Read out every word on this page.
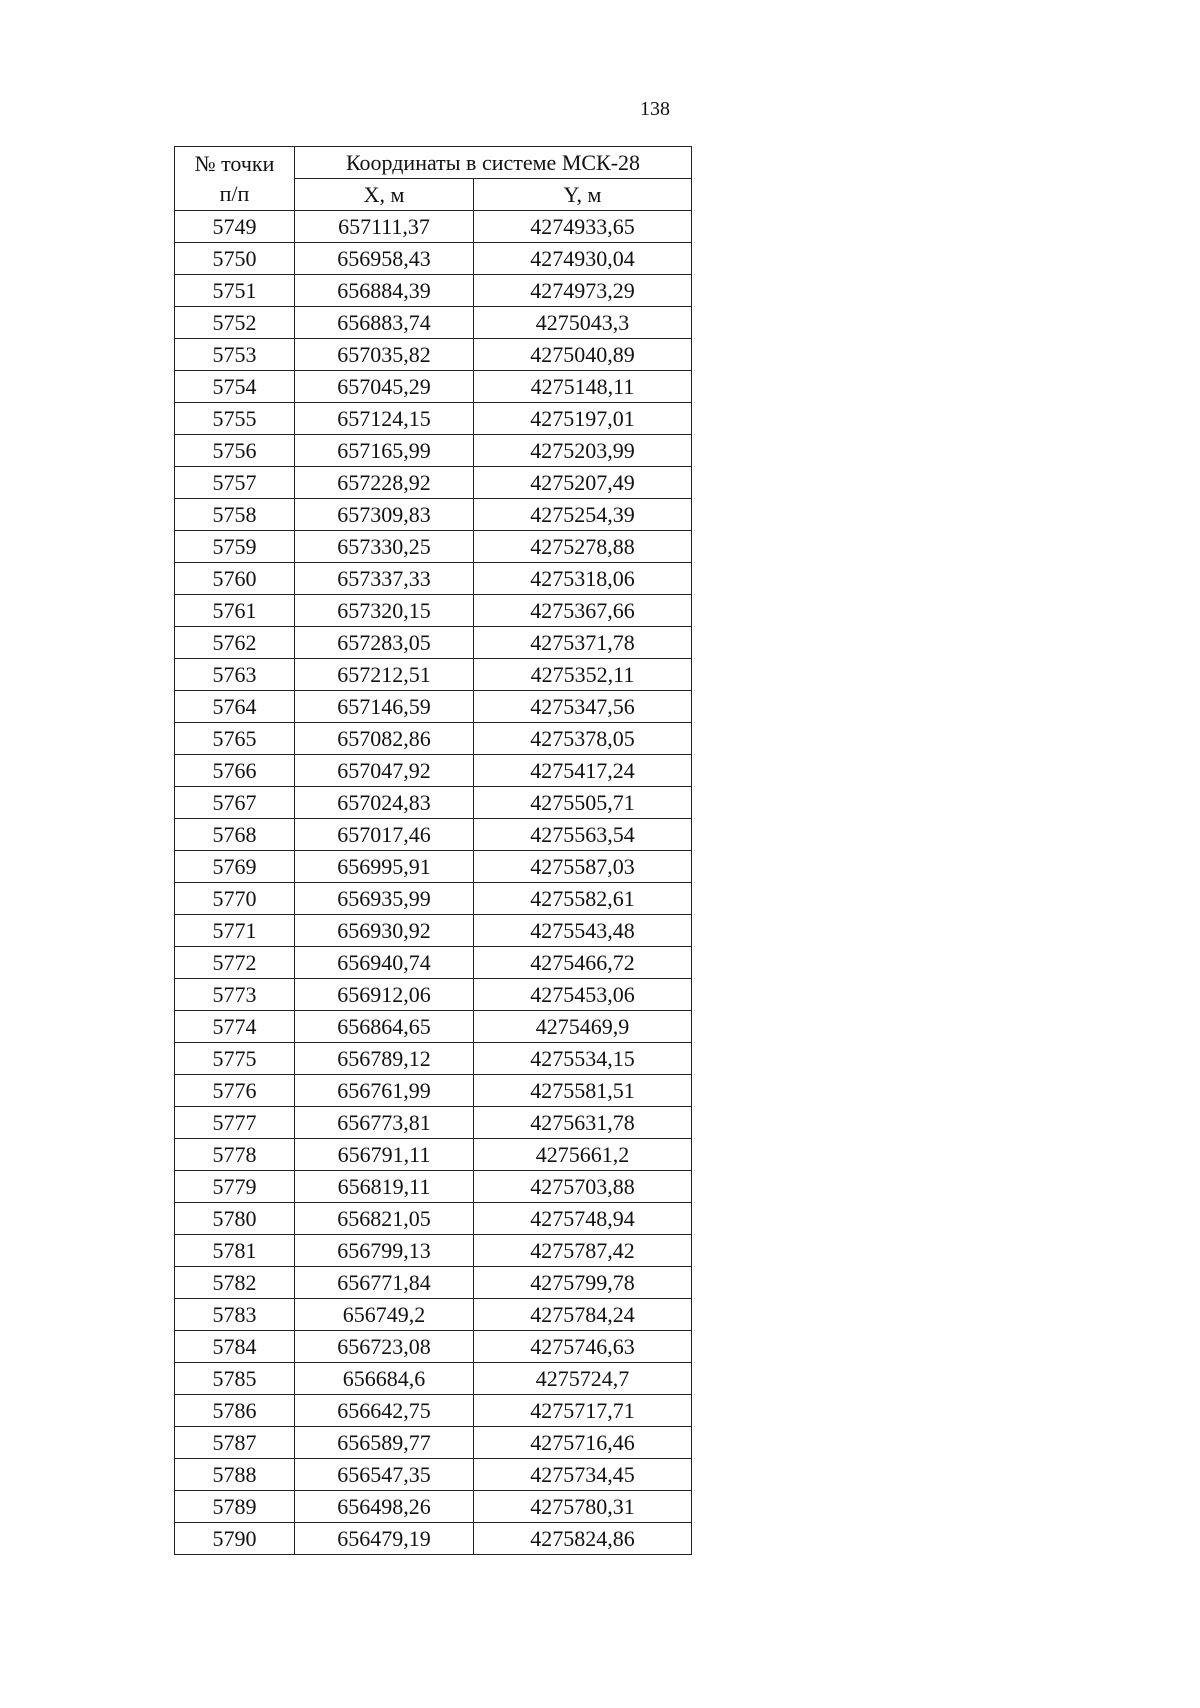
138
№ точки
п/п	Координаты в системе МСК-28	
	X, м	Y, м
5749	657111,37	4274933,65
5750	656958,43	4274930,04
5751	656884,39	4274973,29
5752	656883,74	4275043,3
5753	657035,82	4275040,89
5754	657045,29	4275148,11
5755	657124,15	4275197,01
5756	657165,99	4275203,99
5757	657228,92	4275207,49
5758	657309,83	4275254,39
5759	657330,25	4275278,88
5760	657337,33	4275318,06
5761	657320,15	4275367,66
5762	657283,05	4275371,78
5763	657212,51	4275352,11
5764	657146,59	4275347,56
5765	657082,86	4275378,05
5766	657047,92	4275417,24
5767	657024,83	4275505,71
5768	657017,46	4275563,54
5769	656995,91	4275587,03
5770	656935,99	4275582,61
5771	656930,92	4275543,48
5772	656940,74	4275466,72
5773	656912,06	4275453,06
5774	656864,65	4275469,9
5775	656789,12	4275534,15
5776	656761,99	4275581,51
5777	656773,81	4275631,78
5778	656791,11	4275661,2
5779	656819,11	4275703,88
5780	656821,05	4275748,94
5781	656799,13	4275787,42
5782	656771,84	4275799,78
5783	656749,2	4275784,24
5784	656723,08	4275746,63
5785	656684,6	4275724,7
5786	656642,75	4275717,71
5787	656589,77	4275716,46
5788	656547,35	4275734,45
5789	656498,26	4275780,31
5790	656479,19	4275824,86
